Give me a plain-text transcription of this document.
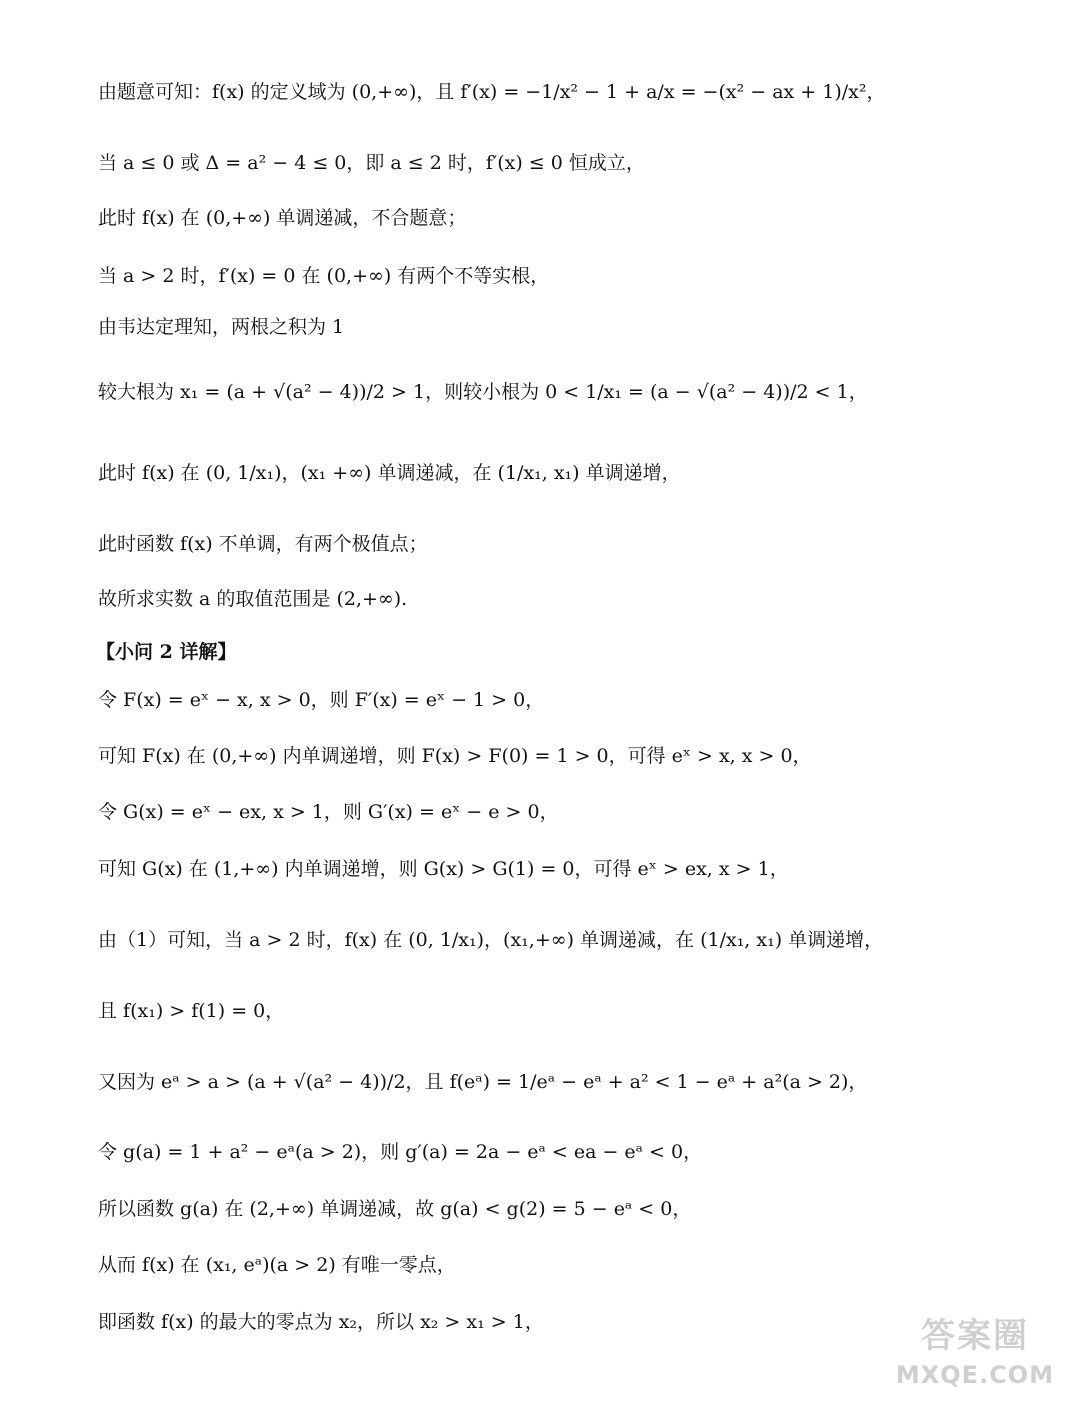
由题意可知：f(x) 的定义域为 (0,+∞)，且 f′(x) = −1/x² − 1 + a/x = −(x² − ax + 1)/x²，
当 a ≤ 0 或 Δ = a² − 4 ≤ 0，即 a ≤ 2 时，f′(x) ≤ 0 恒成立，
此时 f(x) 在 (0,+∞) 单调递减，不合题意；
当 a > 2 时，f′(x) = 0 在 (0,+∞) 有两个不等实根，
由韦达定理知，两根之积为 1
较大根为 x₁ = (a + √(a² − 4))/2 > 1，则较小根为 0 < 1/x₁ = (a − √(a² − 4))/2 < 1，
此时 f(x) 在 (0, 1/x₁)，(x₁ +∞) 单调递减，在 (1/x₁, x₁) 单调递增，
此时函数 f(x) 不单调，有两个极值点；
故所求实数 a 的取值范围是 (2,+∞).
【小问 2 详解】
令 F(x) = eˣ − x, x > 0，则 F′(x) = eˣ − 1 > 0，
可知 F(x) 在 (0,+∞) 内单调递增，则 F(x) > F(0) = 1 > 0，可得 eˣ > x, x > 0，
令 G(x) = eˣ − ex, x > 1，则 G′(x) = eˣ − e > 0，
可知 G(x) 在 (1,+∞) 内单调递增，则 G(x) > G(1) = 0，可得 eˣ > ex, x > 1，
由（1）可知，当 a > 2 时，f(x) 在 (0, 1/x₁)，(x₁,+∞) 单调递减，在 (1/x₁, x₁) 单调递增，
且 f(x₁) > f(1) = 0，
又因为 eᵃ > a > (a + √(a² − 4))/2，且 f(eᵃ) = 1/eᵃ − eᵃ + a² < 1 − eᵃ + a²(a > 2)，
令 g(a) = 1 + a² − eᵃ(a > 2)，则 g′(a) = 2a − eᵃ < ea − eᵃ < 0，
所以函数 g(a) 在 (2,+∞) 单调递减，故 g(a) < g(2) = 5 − eᵃ < 0，
从而 f(x) 在 (x₁, eᵃ)(a > 2) 有唯一零点，
即函数 f(x) 的最大的零点为 x₂，所以 x₂ > x₁ > 1，	答案圈
MXQE.COM
